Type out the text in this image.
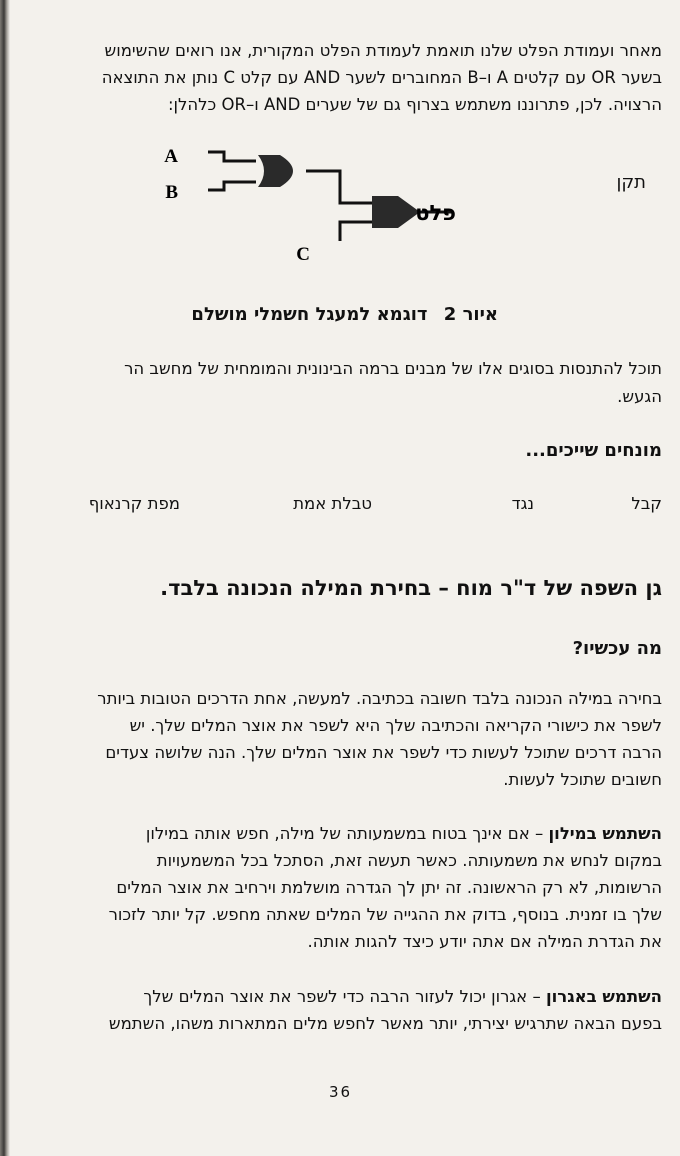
מאחר ועמודת הפלט שלנו תואמת לעמודת הפלט המקורית, אנו רואים שהשימוש
בשער OR עם קלטים A ו–B המחוברים לשער AND עם קלט C נותן את התוצאה
הרצויה. לכן, פתרוננו משתמש בצרוף גם של שערים AND ו–OR כלהלן:
תקן
A
B
C
פלט
איור 2 דוגמא למעגל חשמלי מושלם
תוכל להתנסות בסוגים אלו של מבנים ברמה הבינונית והמומחית של מחשב הר
הגעש.
מונחים שייכים...
קבל
נגד
טבלת אמת
מפת קרנאוף
גן השפה של ד"ר מוח – בחירת המילה הנכונה בלבד.
מה עכשיו?
בחירה במילה הנכונה בלבד חשובה בכתיבה. למעשה, אחת הדרכים הטובות ביותר
לשפר את כישורי הקריאה והכתיבה שלך היא לשפר את אוצר המלים שלך. יש
הרבה דרכים שתוכל לעשות כדי לשפר את אוצר המלים שלך. הנה שלושה צעדים
חשובים שתוכל לעשות.
השתמש במילון – אם אינך בטוח במשמעותה של מילה, חפש אותה במילון
במקום לנחש את משמעותה. כאשר תעשה זאת, הסתכל בכל המשמעויות
הרשומות, לא רק הראשונה. זה יתן לך הגדרה מושלמת וירחיב את אוצר המלים
שלך בו זמנית. בנוסף, בדוק את ההגייה של המלים שאתה מחפש. קל יותר לזכור
את הגדרת המילה אם אתה יודע כיצד להגות אותה.
השתמש באגרון – אגרון יכול לעזור הרבה כדי לשפר את אוצר המלים שלך
בפעם הבאה שתרגיש יצירתי, יותר מאשר לחפש מלים המתארות משהו, השתמש
36
